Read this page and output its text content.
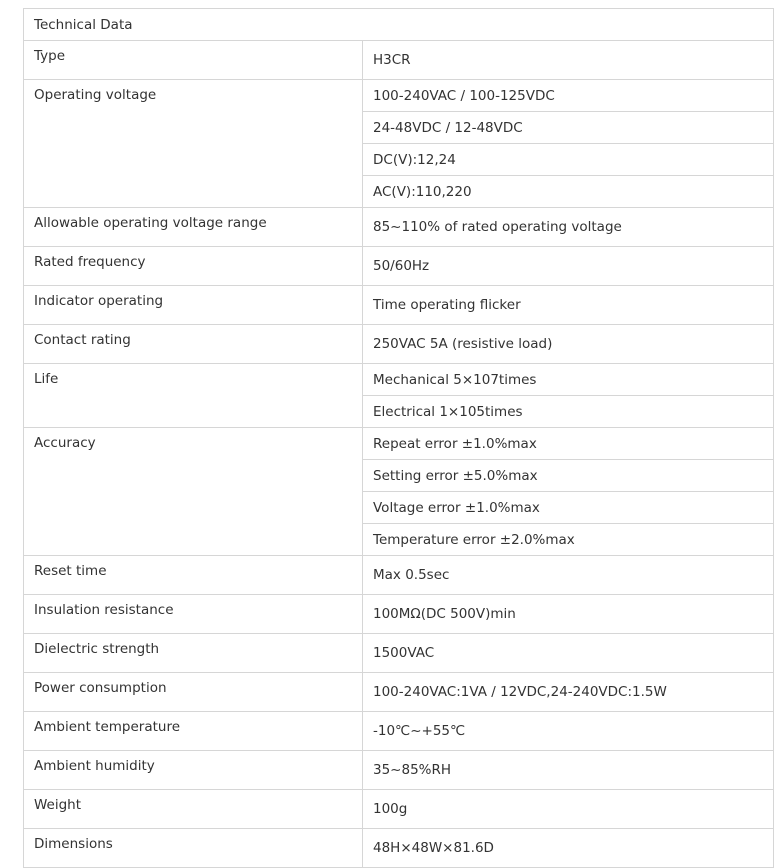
Technical Data	
Type	H3CR
Operating voltage	100-240VAC / 100-125VDC
	24-48VDC / 12-48VDC
	DC(V):12,24
	AC(V):110,220
Allowable operating voltage range	85~110% of rated operating voltage
Rated frequency	50/60Hz
Indicator operating	Time operating flicker
Contact rating	250VAC 5A (resistive load)
Life	Mechanical 5×107times
	Electrical 1×105times
Accuracy	Repeat error ±1.0%max
	Setting error ±5.0%max
	Voltage error ±1.0%max
	Temperature error ±2.0%max
Reset time	Max 0.5sec
Insulation resistance	100MΩ(DC 500V)min
Dielectric strength	1500VAC
Power consumption	100-240VAC:1VA / 12VDC,24-240VDC:1.5W
Ambient temperature	-10℃~+55℃
Ambient humidity	35~85%RH
Weight	100g
Dimensions	48H×48W×81.6D
